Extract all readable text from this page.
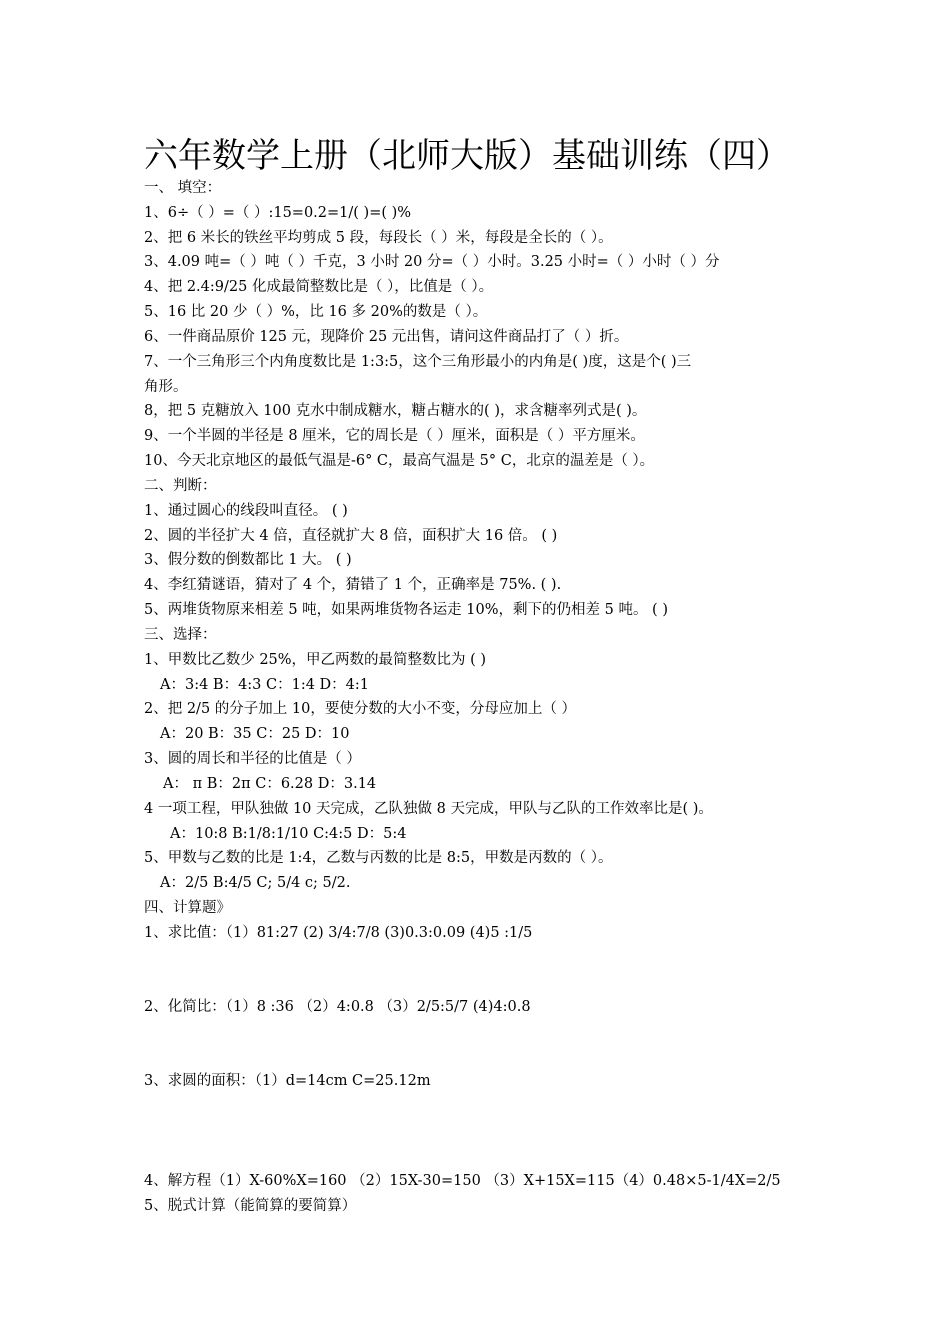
六年数学上册（北师大版）基础训练（四）
一、 填空：
1、6÷（ ）=（ ）:15=0.2=1/( )=( )%
2、把 6 米长的铁丝平均剪成 5 段，每段长（ ）米，每段是全长的（ ）。
3、4.09 吨=（ ）吨（ ）千克，3 小时 20 分=（ ）小时。3.25 小时=（ ）小时（ ）分
4、把 2.4:9/25 化成最简整数比是（ ），比值是（ ）。
5、16 比 20 少（ ）%，比 16 多 20%的数是（ ）。
6、一件商品原价 125 元，现降价 25 元出售，请问这件商品打了（ ）折。
7、一个三角形三个内角度数比是 1:3:5，这个三角形最小的内角是( )度，这是个( )三
角形。
8，把 5 克糖放入 100 克水中制成糖水，糖占糖水的( )，求含糖率列式是( )。
9、一个半圆的半径是 8 厘米，它的周长是（ ）厘米，面积是（ ）平方厘米。
10、今天北京地区的最低气温是-6° C，最高气温是 5° C，北京的温差是（ ）。
二、判断：
1、通过圆心的线段叫直径。 ( )
2、圆的半径扩大 4 倍，直径就扩大 8 倍，面积扩大 16 倍。 ( )
3、假分数的倒数都比 1 大。 ( )
4、李红猜谜语，猜对了 4 个，猜错了 1 个，正确率是 75%. ( ).
5、两堆货物原来相差 5 吨，如果两堆货物各运走 10%，剩下的仍相差 5 吨。 ( )
三、选择：
1、甲数比乙数少 25%，甲乙两数的最简整数比为 ( )
A：3:4 B：4:3 C：1:4 D：4:1
2、把 2/5 的分子加上 10，要使分数的大小不变，分母应加上（ ）
A：20 B：35 C：25 D：10
3、圆的周长和半径的比值是（ ）
A： π B：2π C：6.28 D：3.14
4 一项工程，甲队独做 10 天完成，乙队独做 8 天完成，甲队与乙队的工作效率比是( )。
A：10:8 B:1/8:1/10 C:4:5 D：5:4
5、甲数与乙数的比是 1:4，乙数与丙数的比是 8:5，甲数是丙数的（ ）。
A：2/5 B:4/5 C; 5/4 c; 5/2.
四、计算题》
1、求比值：（1）81:27 (2) 3/4:7/8 (3)0.3:0.09 (4)5 :1/5
2、化简比：（1）8 :36 （2）4:0.8 （3）2/5:5/7 (4)4:0.8
3、求圆的面积：（1）d=14cm C=25.12m
4、解方程（1）X-60%X=160 （2）15X-30=150 （3）X+15X=115（4）0.48×5-1/4X=2/5
5、脱式计算（能简算的要简算）
